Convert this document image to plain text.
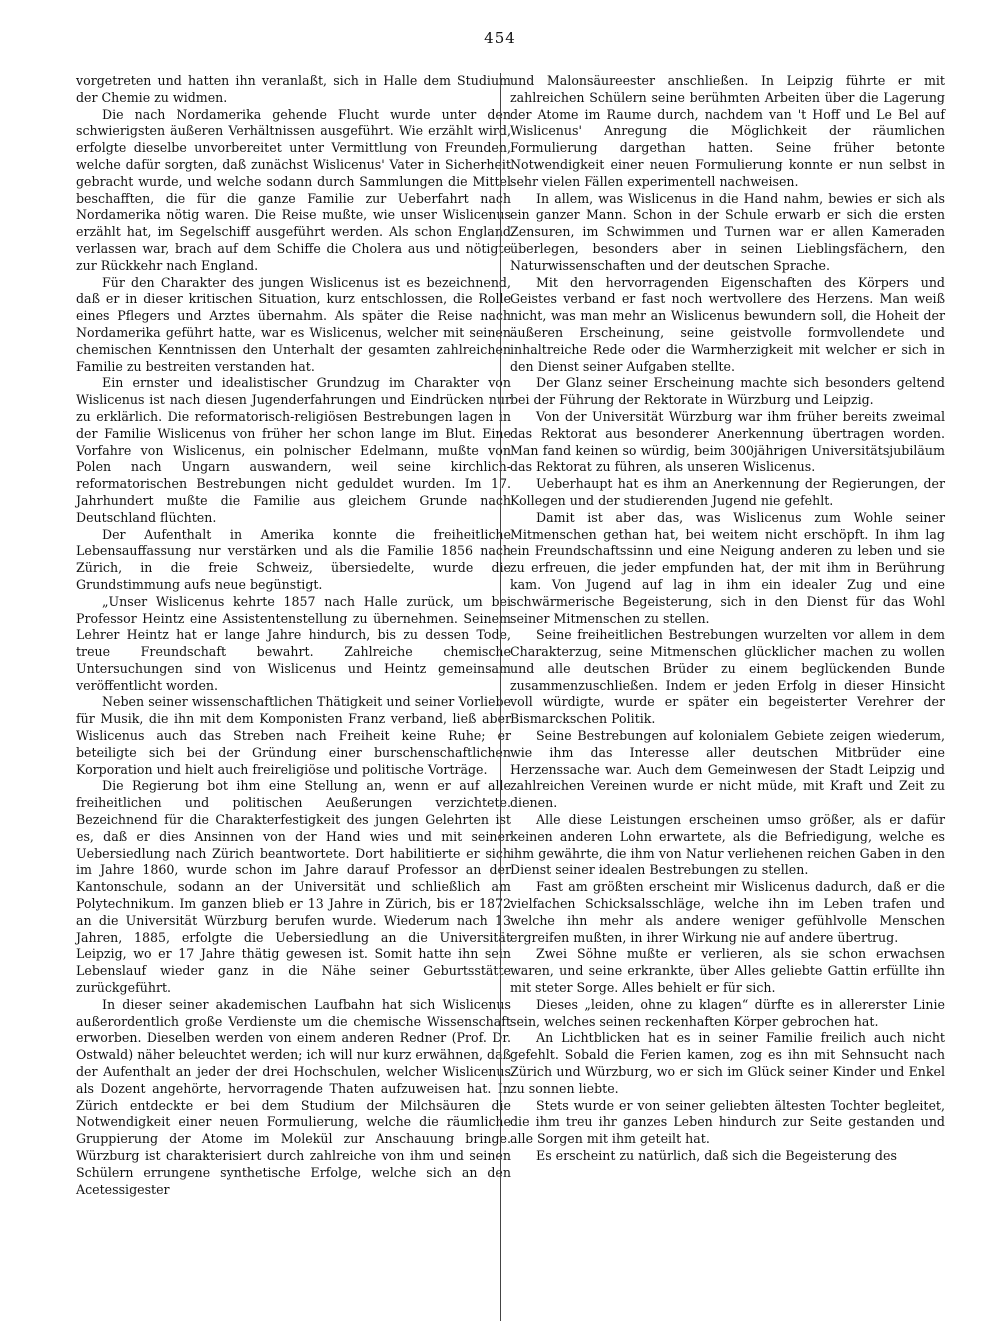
454

vorgetreten und hatten ihn veranlaßt, sich in Halle dem Studium der Chemie zu widmen.

Die nach Nordamerika gehende Flucht wurde unter den schwierigsten äußeren Verhältnissen ausgeführt. Wie erzählt wird, erfolgte dieselbe unvorbereitet unter Vermittlung von Freunden, welche dafür sorgten, daß zunächst Wislicenus' Vater in Sicherheit gebracht wurde, und welche sodann durch Sammlungen die Mittel beschafften, die für die ganze Familie zur Ueberfahrt nach Nordamerika nötig waren. Die Reise mußte, wie unser Wislicenus erzählt hat, im Segelschiff ausgeführt werden. Als schon England verlassen war, brach auf dem Schiffe die Cholera aus und nötigte zur Rückkehr nach England.

Für den Charakter des jungen Wislicenus ist es bezeichnend, daß er in dieser kritischen Situation, kurz entschlossen, die Rolle eines Pflegers und Arztes übernahm. Als später die Reise nach Nordamerika geführt hatte, war es Wislicenus, welcher mit seinen chemischen Kenntnissen den Unterhalt der gesamten zahlreichen Familie zu bestreiten verstanden hat.

Ein ernster und idealistischer Grundzug im Charakter von Wislicenus ist nach diesen Jugenderfahrungen und Eindrücken nur zu erklärlich. Die reformatorisch-religiösen Bestrebungen lagen in der Familie Wislicenus von früher her schon lange im Blut. Eine Vorfahre von Wislicenus, ein polnischer Edelmann, mußte von Polen nach Ungarn auswandern, weil seine kirchlich-reformatorischen Bestrebungen nicht geduldet wurden. Im 17. Jahrhundert mußte die Familie aus gleichem Grunde nach Deutschland flüchten.

Der Aufenthalt in Amerika konnte die freiheitliche Lebensauffassung nur verstärken und als die Familie 1856 nach Zürich, in die freie Schweiz, übersiedelte, wurde die Grundstimmung aufs neue begünstigt.

„Unser Wislicenus kehrte 1857 nach Halle zurück, um bei Professor Heintz eine Assistentenstellung zu übernehmen. Seinem Lehrer Heintz hat er lange Jahre hindurch, bis zu dessen Tode, treue Freundschaft bewahrt. Zahlreiche chemische Untersuchungen sind von Wislicenus und Heintz gemeinsam veröffentlicht worden.

Neben seiner wissenschaftlichen Thätigkeit und seiner Vorliebe für Musik, die ihn mit dem Komponisten Franz verband, ließ aber Wislicenus auch das Streben nach Freiheit keine Ruhe; er beteiligte sich bei der Gründung einer burschenschaftlichen Korporation und hielt auch freireligiöse und politische Vorträge.

Die Regierung bot ihm eine Stellung an, wenn er auf alle freiheitlichen und politischen Aeußerungen verzichtete. Bezeichnend für die Charakterfestigkeit des jungen Gelehrten ist es, daß er dies Ansinnen von der Hand wies und mit seiner Uebersiedlung nach Zürich beantwortete. Dort habilitierte er sich im Jahre 1860, wurde schon im Jahre darauf Professor an der Kantonschule, sodann an der Universität und schließlich am Polytechnikum. Im ganzen blieb er 13 Jahre in Zürich, bis er 1872 an die Universität Würzburg berufen wurde. Wiederum nach 13 Jahren, 1885, erfolgte die Uebersiedlung an die Universität Leipzig, wo er 17 Jahre thätig gewesen ist. Somit hatte ihn sein Lebenslauf wieder ganz in die Nähe seiner Geburtsstätte zurückgeführt.

In dieser seiner akademischen Laufbahn hat sich Wislicenus außerordentlich große Verdienste um die chemische Wissenschaft erworben. Dieselben werden von einem anderen Redner (Prof. Dr. Ostwald) näher beleuchtet werden; ich will nur kurz erwähnen, daß der Aufenthalt an jeder der drei Hochschulen, welcher Wislicenus als Dozent angehörte, hervorragende Thaten aufzuweisen hat. In Zürich entdeckte er bei dem Studium der Milchsäuren die Notwendigkeit einer neuen Formulierung, welche die räumliche Gruppierung der Atome im Molekül zur Anschauung bringe. Würzburg ist charakterisiert durch zahlreiche von ihm und seinen Schülern errungene synthetische Erfolge, welche sich an den Acetessigester

und Malonsäureester anschließen. In Leipzig führte er mit zahlreichen Schülern seine berühmten Arbeiten über die Lagerung der Atome im Raume durch, nachdem van 't Hoff und Le Bel auf Wislicenus' Anregung die Möglichkeit der räumlichen Formulierung dargethan hatten. Seine früher betonte Notwendigkeit einer neuen Formulierung konnte er nun selbst in sehr vielen Fällen experimentell nachweisen.

In allem, was Wislicenus in die Hand nahm, bewies er sich als ein ganzer Mann. Schon in der Schule erwarb er sich die ersten Zensuren, im Schwimmen und Turnen war er allen Kameraden überlegen, besonders aber in seinen Lieblingsfächern, den Naturwissenschaften und der deutschen Sprache.

Mit den hervorragenden Eigenschaften des Körpers und Geistes verband er fast noch wertvollere des Herzens. Man weiß nicht, was man mehr an Wislicenus bewundern soll, die Hoheit der äußeren Erscheinung, seine geistvolle formvollendete und inhaltreiche Rede oder die Warmherzigkeit mit welcher er sich in den Dienst seiner Aufgaben stellte.

Der Glanz seiner Erscheinung machte sich besonders geltend bei der Führung der Rektorate in Würzburg und Leipzig.

Von der Universität Würzburg war ihm früher bereits zweimal das Rektorat aus besonderer Anerkennung übertragen worden. Man fand keinen so würdig, beim 300jährigen Universitätsjubiläum das Rektorat zu führen, als unseren Wislicenus.

Ueberhaupt hat es ihm an Anerkennung der Regierungen, der Kollegen und der studierenden Jugend nie gefehlt.

Damit ist aber das, was Wislicenus zum Wohle seiner Mitmenschen gethan hat, bei weitem nicht erschöpft. In ihm lag ein Freundschaftssinn und eine Neigung anderen zu leben und sie zu erfreuen, die jeder empfunden hat, der mit ihm in Berührung kam. Von Jugend auf lag in ihm ein idealer Zug und eine schwärmerische Begeisterung, sich in den Dienst für das Wohl seiner Mitmenschen zu stellen.

Seine freiheitlichen Bestrebungen wurzelten vor allem in dem Charakterzug, seine Mitmenschen glücklicher machen zu wollen und alle deutschen Brüder zu einem beglückenden Bunde zusammenzuschließen. Indem er jeden Erfolg in dieser Hinsicht voll würdigte, wurde er später ein begeisterter Verehrer der Bismarckschen Politik.

Seine Bestrebungen auf kolonialem Gebiete zeigen wiederum, wie ihm das Interesse aller deutschen Mitbrüder eine Herzenssache war. Auch dem Gemeinwesen der Stadt Leipzig und zahlreichen Vereinen wurde er nicht müde, mit Kraft und Zeit zu dienen.

Alle diese Leistungen erscheinen umso größer, als er dafür keinen anderen Lohn erwartete, als die Befriedigung, welche es ihm gewährte, die ihm von Natur verliehenen reichen Gaben in den Dienst seiner idealen Bestrebungen zu stellen.

Fast am größten erscheint mir Wislicenus dadurch, daß er die vielfachen Schicksalsschläge, welche ihn im Leben trafen und welche ihn mehr als andere weniger gefühlvolle Menschen ergreifen mußten, in ihrer Wirkung nie auf andere übertrug.

Zwei Söhne mußte er verlieren, als sie schon erwachsen waren, und seine erkrankte, über Alles geliebte Gattin erfüllte ihn mit steter Sorge. Alles behielt er für sich.

Dieses „leiden, ohne zu klagen“ dürfte es in allererster Linie sein, welches seinen reckenhaften Körper gebrochen hat.

An Lichtblicken hat es in seiner Familie freilich auch nicht gefehlt. Sobald die Ferien kamen, zog es ihn mit Sehnsucht nach Zürich und Würzburg, wo er sich im Glück seiner Kinder und Enkel zu sonnen liebte.

Stets wurde er von seiner geliebten ältesten Tochter begleitet, die ihm treu ihr ganzes Leben hindurch zur Seite gestanden und alle Sorgen mit ihm geteilt hat.

Es erscheint zu natürlich, daß sich die Begeisterung des
